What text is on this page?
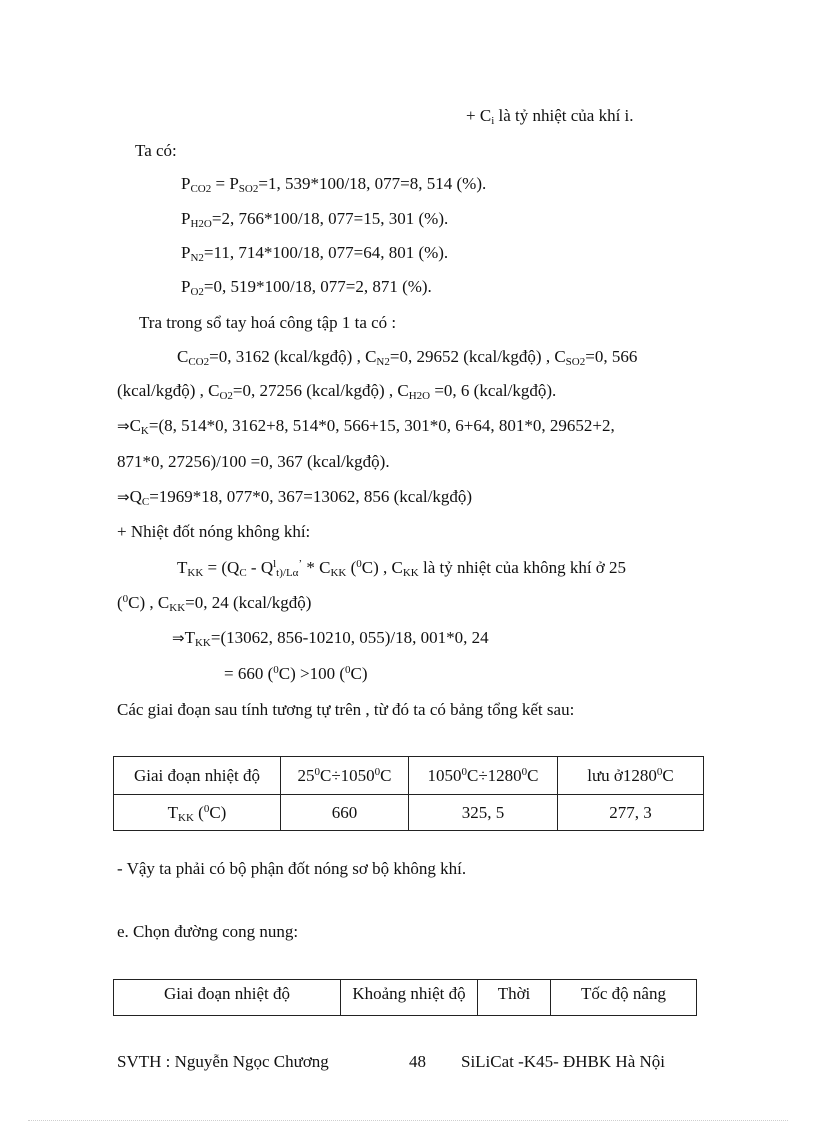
+ $C_i$ là tỷ nhiệt của khí i.
Ta có:
$P_{CO2} = P_{SO2}=1$, 539*100/18, 077=8, 514 (%).
$P_{H2O}=2$, 766*100/18, 077=15, 301 (%).
$P_{N2}=11$, 714*100/18, 077=64, 801 (%).
$P_{O2}=0$, 519*100/18, 077=2, 871 (%).
Tra trong sổ tay hoá công tập 1 ta có :
$C_{CO2}=0$, 3162 (kcal/kgđộ) , $C_{N2}=0$, 29652 (kcal/kgđộ) , $C_{SO2}=0$, 566
(kcal/kgđộ) , $C_{O2}=0$, 27256 (kcal/kgđộ) , $C_{H2O} =0$, 6 (kcal/kgđộ).
$\Rightarrow C_K=(8$, 514*0, 3162+8, 514*0, 566+15, 301*0, 6+64, 801*0, 29652+2,
871*0, 27256)/100 =0, 367 (kcal/kgđộ).
$\Rightarrow Q_C=1969*18$, 077*0, 367=13062, 856 (kcal/kgđộ)
+ Nhiệt đốt nóng không khí:
$T_{KK} = (Q_C - Q^l_{t)/L\alpha}^’ * C_{KK}$ ($^0$C) , $C_{KK}$ là tỷ nhiệt của không khí ở 25
($^0$C) , $C_{KK}=0$, 24 (kcal/kgđộ)
$\Rightarrow T_{KK}=(13062$, 856-10210, 055)/18, 001*0, 24
= 660 ($^0$C) >100 ($^0$C)
Các giai đoạn sau tính tương tự trên , từ đó ta có bảng tổng kết sau:
Giai đoạn nhiệt độ	$25^0C\div 1050^0C$	$1050^0C\div 1280^0C$	lưu ở1280$^0$C
$T_{KK}$ ($^0$C)	660	325, 5	277, 3
- Vậy ta phải có bộ phận đốt nóng sơ bộ không khí.
e. Chọn đường cong nung:
Giai đoạn nhiệt độ	Khoảng nhiệt độ	Thời	Tốc độ nâng
SVTH : Nguyễn Ngọc Chương	48 SiLiCat -K45- ĐHBK Hà Nội
